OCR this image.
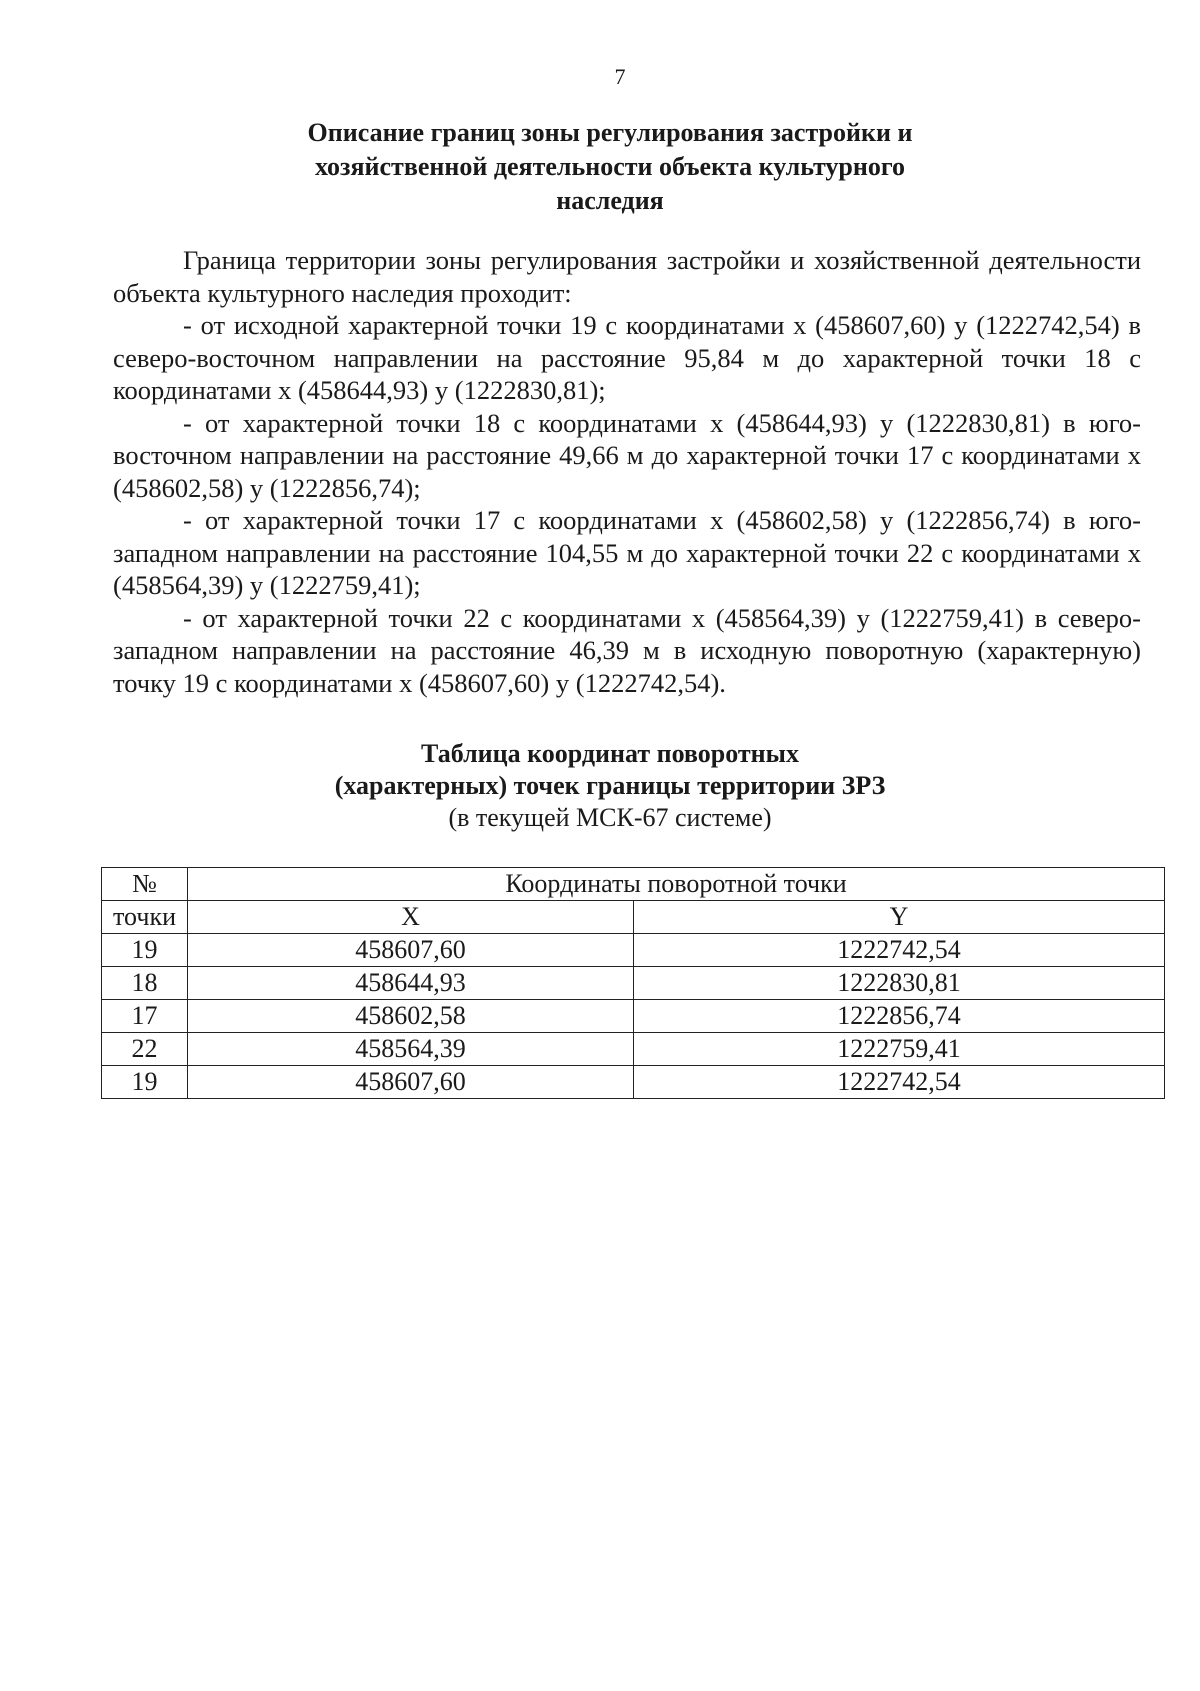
7
Описание границ зоны регулирования застройки и
хозяйственной деятельности объекта культурного
наследия

Граница территории зоны регулирования застройки и хозяйственной деятельности объекта культурного наследия проходит:

- от исходной характерной точки 19 с координатами x (458607,60) y (1222742,54) в северо-восточном направлении на расстояние 95,84 м до характерной точки 18 с координатами x (458644,93) y (1222830,81);

- от характерной точки 18 с координатами x (458644,93) y (1222830,81) в юго-восточном направлении на расстояние 49,66 м до характерной точки 17 с координатами x (458602,58) y (1222856,74);

- от характерной точки 17 с координатами x (458602,58) y (1222856,74) в юго-западном направлении на расстояние 104,55 м до характерной точки 22 с координатами x (458564,39) y (1222759,41);

- от характерной точки 22 с координатами x (458564,39) y (1222759,41) в северо-западном направлении на расстояние 46,39 м в исходную поворотную (характерную) точку 19 с координатами x (458607,60) y (1222742,54).

Таблица координат поворотных
(характерных) точек границы территории ЗРЗ
(в текущей МСК-67 системе)
№	Координаты поворотной точки	
точки	X	Y
19	458607,60	1222742,54
18	458644,93	1222830,81
17	458602,58	1222856,74
22	458564,39	1222759,41
19	458607,60	1222742,54
